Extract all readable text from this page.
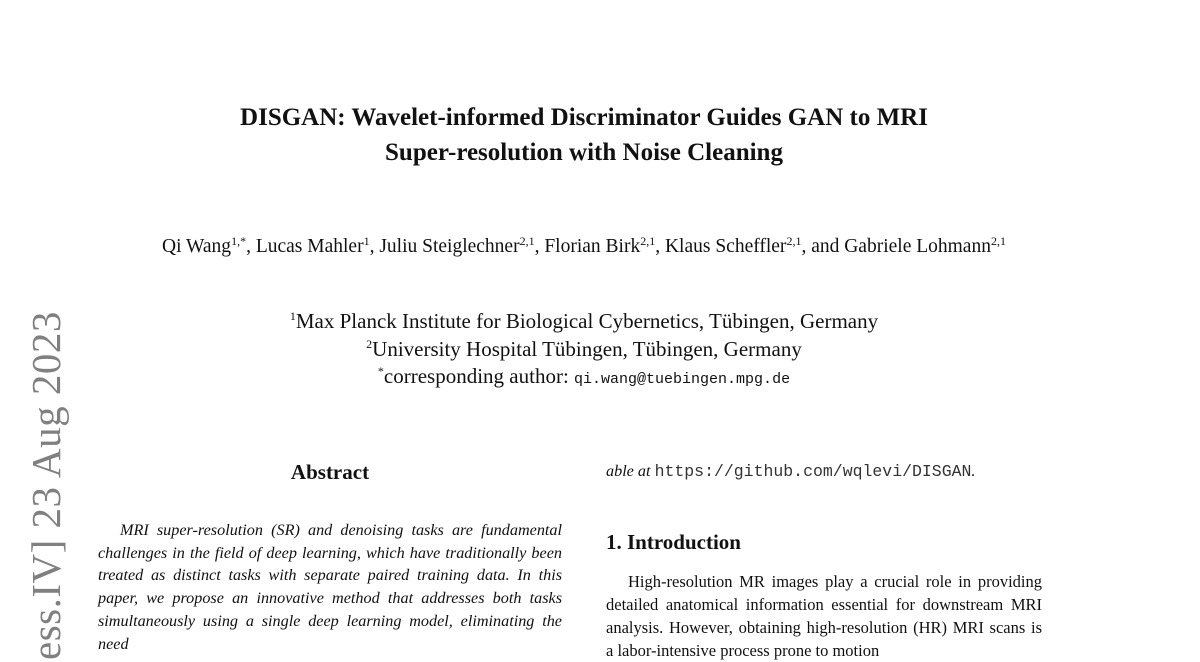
ess.IV] 23 Aug 2023
DISGAN: Wavelet-informed Discriminator Guides GAN to MRI
Super-resolution with Noise Cleaning
Qi Wang$^{1,*}$, Lucas Mahler$^1$, Juliu Steiglechner$^{2,1}$, Florian Birk$^{2,1}$, Klaus Scheffler$^{2,1}$, and Gabriele Lohmann$^{2,1}$
$^1$Max Planck Institute for Biological Cybernetics, Tübingen, Germany
$^2$University Hospital Tübingen, Tübingen, Germany
*corresponding author: qi.wang@tuebingen.mpg.de
Abstract
MRI super-resolution (SR) and denoising tasks are fundamental challenges in the field of deep learning, which have traditionally been treated as distinct tasks with separate paired training data. In this paper, we propose an innovative method that addresses both tasks simultaneously using a single deep learning model, eliminating the need
able at https://github.com/wqlevi/DISGAN.
1. Introduction
High-resolution MR images play a crucial role in providing detailed anatomical information essential for downstream MRI analysis. However, obtaining high-resolution (HR) MRI scans is a labor-intensive process prone to motion
